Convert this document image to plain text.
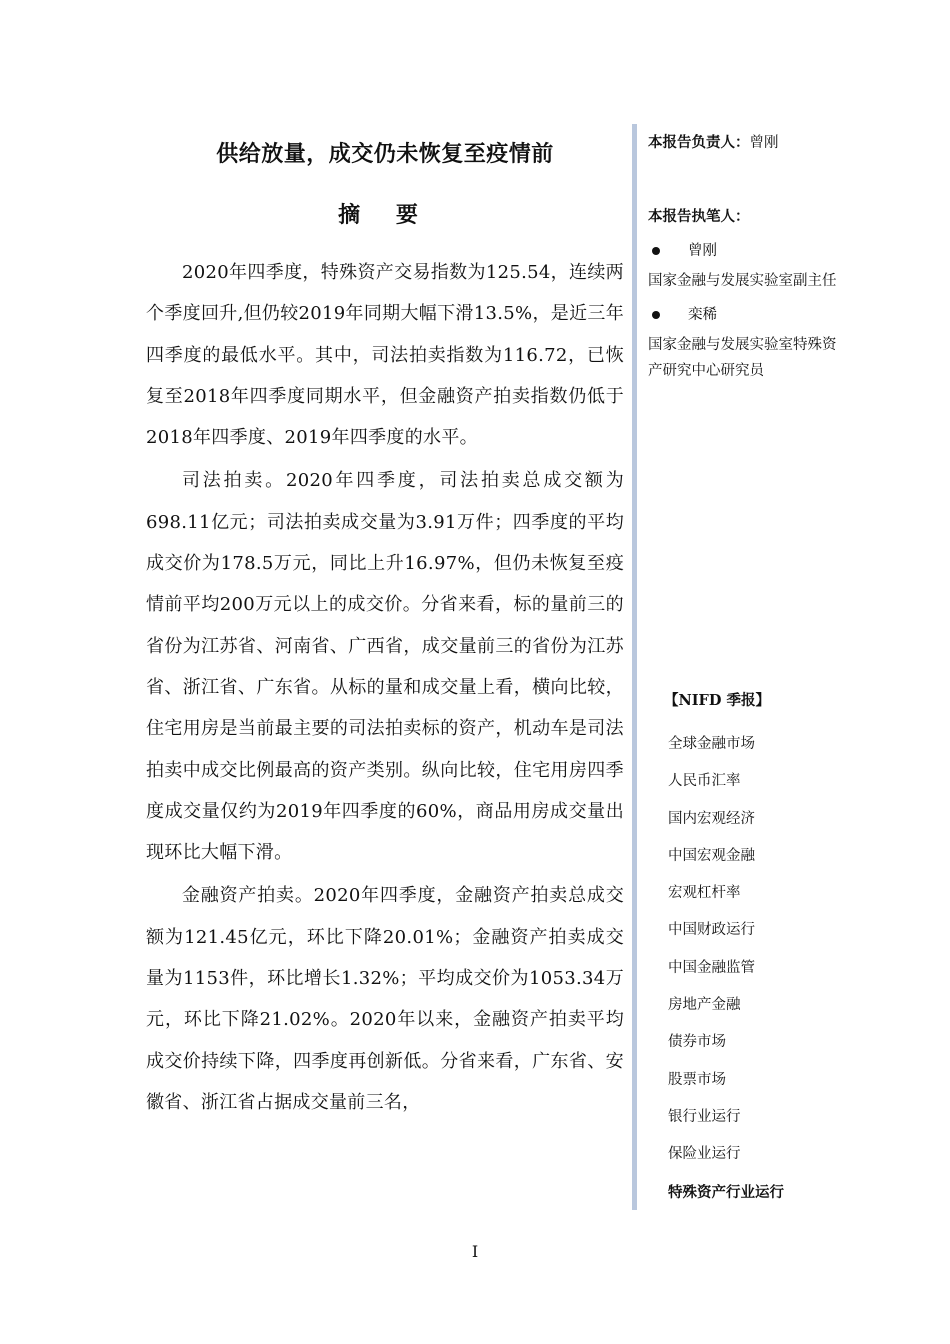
供给放量，成交仍未恢复至疫情前
摘 要

2020年四季度，特殊资产交易指数为125.54，连续两个季度回升,但仍较2019年同期大幅下滑13.5%，是近三年四季度的最低水平。其中，司法拍卖指数为116.72，已恢复至2018年四季度同期水平，但金融资产拍卖指数仍低于2018年四季度、2019年四季度的水平。

司法拍卖。2020年四季度，司法拍卖总成交额为698.11亿元；司法拍卖成交量为3.91万件；四季度的平均成交价为178.5万元，同比上升16.97%，但仍未恢复至疫情前平均200万元以上的成交价。分省来看，标的量前三的省份为江苏省、河南省、广西省，成交量前三的省份为江苏省、浙江省、广东省。从标的量和成交量上看，横向比较，住宅用房是当前最主要的司法拍卖标的资产，机动车是司法拍卖中成交比例最高的资产类别。纵向比较，住宅用房四季度成交量仅约为2019年四季度的60%，商品用房成交量出现环比大幅下滑。

金融资产拍卖。2020年四季度，金融资产拍卖总成交额为121.45亿元，环比下降20.01%；金融资产拍卖成交量为1153件，环比增长1.32%；平均成交价为1053.34万元，环比下降21.02%。2020年以来，金融资产拍卖平均成交价持续下降，四季度再创新低。分省来看，广东省、安徽省、浙江省占据成交量前三名，

本报告负责人：曾刚
本报告执笔人：
曾刚
国家金融与发展实验室副主任
栾稀
国家金融与发展实验室特殊资产研究中心研究员
【NIFD 季报】
全球金融市场
人民币汇率
国内宏观经济
中国宏观金融
宏观杠杆率
中国财政运行
中国金融监管
房地产金融
债券市场
股票市场
银行业运行
保险业运行
特殊资产行业运行
I
